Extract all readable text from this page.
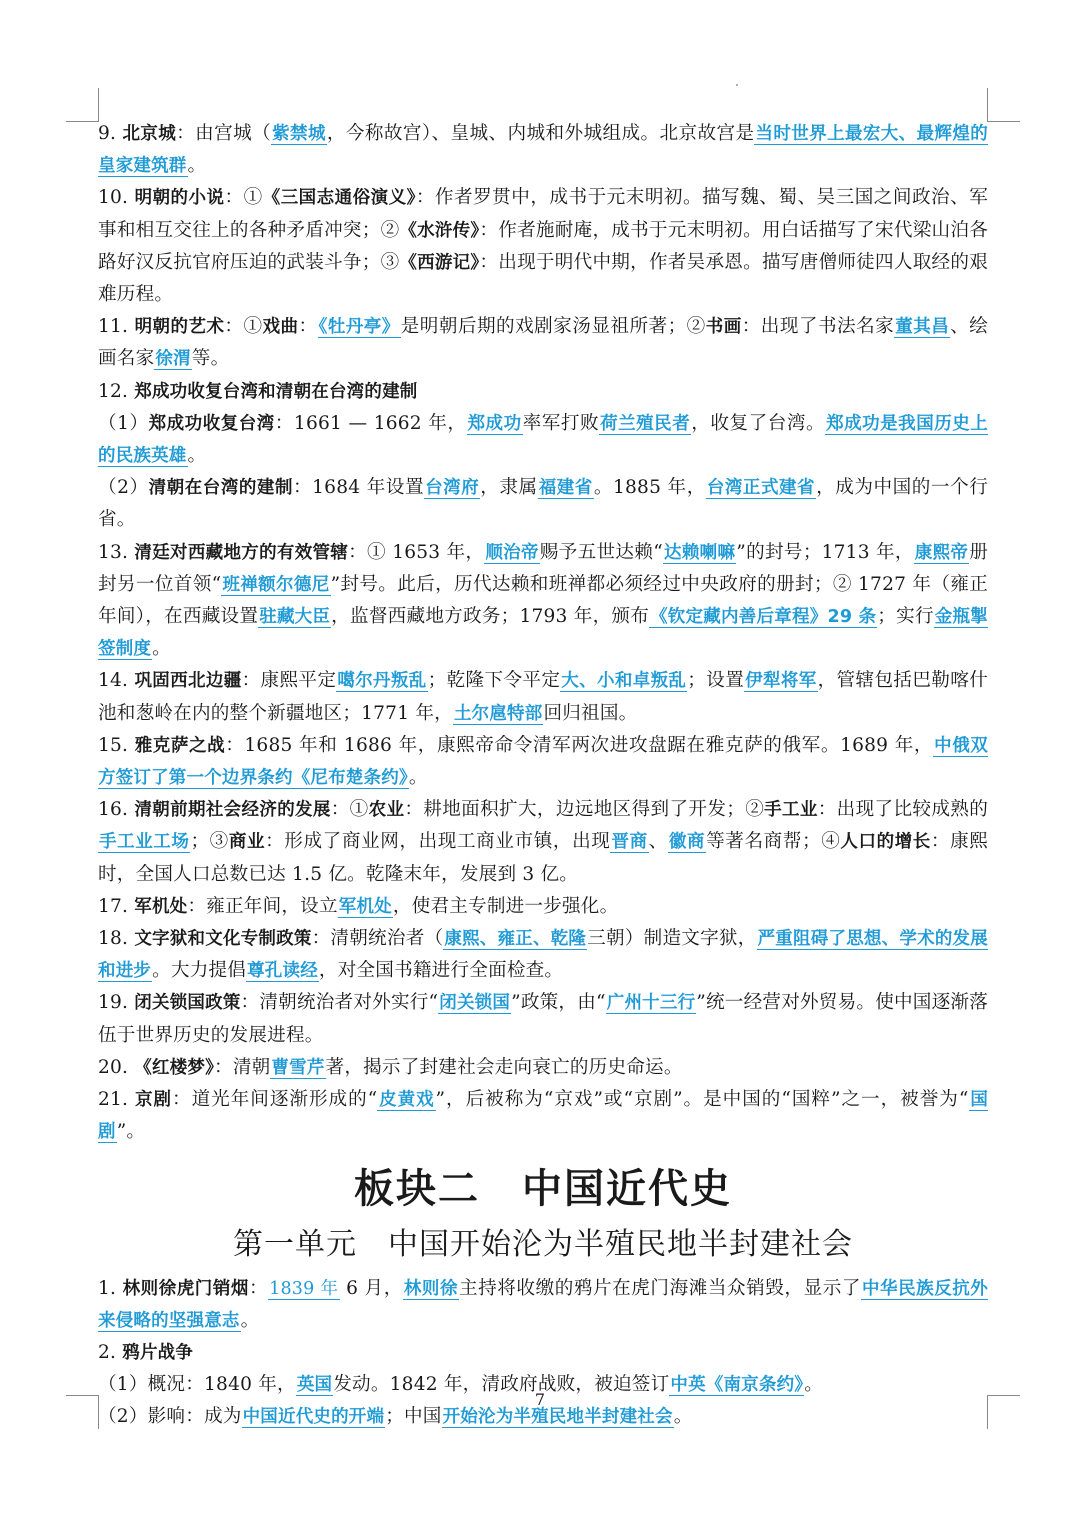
9. 北京城：由宫城（紫禁城，今称故宫）、皇城、内城和外城组成。北京故宫是当时世界上最宏大、最辉煌的皇家建筑群。

10. 明朝的小说：①《三国志通俗演义》：作者罗贯中，成书于元末明初。描写魏、蜀、吴三国之间政治、军事和相互交往上的各种矛盾冲突；②《水浒传》：作者施耐庵，成书于元末明初。用白话描写了宋代梁山泊各路好汉反抗官府压迫的武装斗争；③《西游记》：出现于明代中期，作者吴承恩。描写唐僧师徒四人取经的艰难历程。

11. 明朝的艺术：①戏曲：《牡丹亭》是明朝后期的戏剧家汤显祖所著；②书画：出现了书法名家董其昌、绘画名家徐渭等。

12. 郑成功收复台湾和清朝在台湾的建制

（1）郑成功收复台湾：1661 — 1662 年，郑成功率军打败荷兰殖民者，收复了台湾。郑成功是我国历史上的民族英雄。

（2）清朝在台湾的建制：1684 年设置台湾府，隶属福建省。1885 年，台湾正式建省，成为中国的一个行省。

13. 清廷对西藏地方的有效管辖：① 1653 年，顺治帝赐予五世达赖“达赖喇嘛”的封号；1713 年，康熙帝册封另一位首领“班禅额尔德尼”封号。此后，历代达赖和班禅都必须经过中央政府的册封；② 1727 年（雍正年间），在西藏设置驻藏大臣，监督西藏地方政务；1793 年，颁布《钦定藏内善后章程》29 条；实行金瓶掣签制度。

14. 巩固西北边疆：康熙平定噶尔丹叛乱；乾隆下令平定大、小和卓叛乱；设置伊犁将军，管辖包括巴勒喀什池和葱岭在内的整个新疆地区；1771 年，土尔扈特部回归祖国。

15. 雅克萨之战：1685 年和 1686 年，康熙帝命令清军两次进攻盘踞在雅克萨的俄军。1689 年，中俄双方签订了第一个边界条约《尼布楚条约》。

16. 清朝前期社会经济的发展：①农业：耕地面积扩大，边远地区得到了开发；②手工业：出现了比较成熟的手工业工场；③商业：形成了商业网，出现工商业市镇，出现晋商、徽商等著名商帮；④人口的增长：康熙时，全国人口总数已达 1.5 亿。乾隆末年，发展到 3 亿。

17. 军机处：雍正年间，设立军机处，使君主专制进一步强化。

18. 文字狱和文化专制政策：清朝统治者（康熙、雍正、乾隆三朝）制造文字狱，严重阻碍了思想、学术的发展和进步。大力提倡尊孔读经，对全国书籍进行全面检查。

19. 闭关锁国政策：清朝统治者对外实行“闭关锁国”政策，由“广州十三行”统一经营对外贸易。使中国逐渐落伍于世界历史的发展进程。

20. 《红楼梦》：清朝曹雪芹著，揭示了封建社会走向衰亡的历史命运。

21. 京剧：道光年间逐渐形成的“皮黄戏”，后被称为“京戏”或“京剧”。是中国的“国粹”之一，被誉为“国剧”。

板块二　中国近代史
第一单元　中国开始沦为半殖民地半封建社会

1. 林则徐虎门销烟：1839 年 6 月，林则徐主持将收缴的鸦片在虎门海滩当众销毁，显示了中华民族反抗外来侵略的坚强意志。

2. 鸦片战争

（1）概况：1840 年，英国发动。1842 年，清政府战败，被迫签订中英《南京条约》。

（2）影响：成为中国近代史的开端；中国开始沦为半殖民地半封建社会。

7
